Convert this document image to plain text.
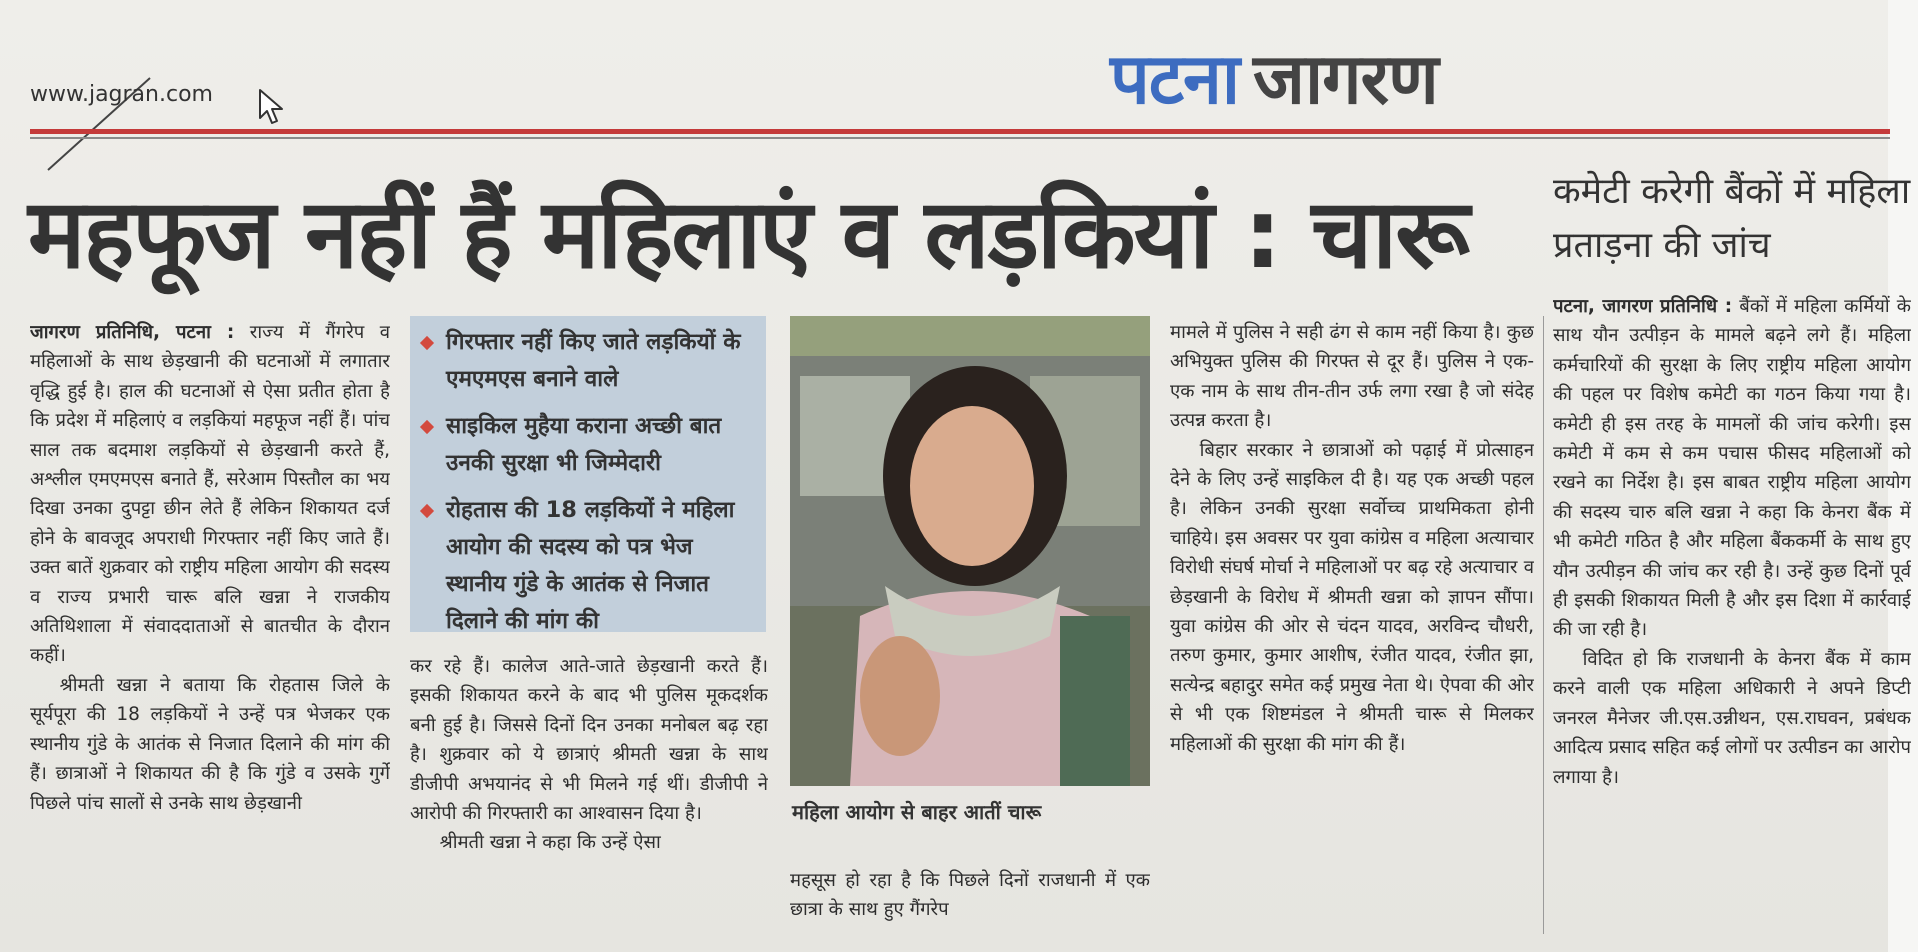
www.jagran.com	पटना जागरण
महफूज नहीं हैं महिलाएं व लड़कियां : चारू कमेटी करेगी बैंकों में महिला प्रताड़ना की जांच

जागरण प्रतिनिधि, पटना : राज्य में गैंगरेप व महिलाओं के साथ छेड़खानी की घटनाओं में लगातार वृद्धि हुई है। हाल की घटनाओं से ऐसा प्रतीत होता है कि प्रदेश में महिलाएं व लड़कियां महफूज नहीं हैं। पांच साल तक बदमाश लड़कियों से छेड़खानी करते हैं, अश्लील एमएमएस बनाते हैं, सरेआम पिस्तौल का भय दिखा उनका दुपट्टा छीन लेते हैं लेकिन शिकायत दर्ज होने के बावजूद अपराधी गिरफ्तार नहीं किए जाते हैं। उक्त बातें शुक्रवार को राष्ट्रीय महिला आयोग की सदस्य व राज्य प्रभारी चारू बलि खन्ना ने राजकीय अतिथिशाला में संवाददाताओं से बातचीत के दौरान कहीं।

श्रीमती खन्ना ने बताया कि रोहतास जिले के सूर्यपूरा की 18 लड़कियों ने उन्हें पत्र भेजकर एक स्थानीय गुंडे के आतंक से निजात दिलाने की मांग की हैं। छात्राओं ने शिकायत की है कि गुंडे व उसके गुर्गे पिछले पांच सालों से उनके साथ छेड़खानी

गिरफ्तार नहीं किए जाते लड़कियों के एमएमएस बनाने वाले
साइकिल मुहैया कराना अच्छी बात उनकी सुरक्षा भी जिम्मेदारी
रोहतास की 18 लड़कियों ने महिला आयोग की सदस्य को पत्र भेज स्थानीय गुंडे के आतंक से निजात दिलाने की मांग की

कर रहे हैं। कालेज आते-जाते छेड़खानी करते हैं। इसकी शिकायत करने के बाद भी पुलिस मूकदर्शक बनी हुई है। जिससे दिनों दिन उनका मनोबल बढ़ रहा है। शुक्रवार को ये छात्राएं श्रीमती खन्ना के साथ डीजीपी अभयानंद से भी मिलने गई थीं। डीजीपी ने आरोपी की गिरफ्तारी का आश्वासन दिया है।

श्रीमती खन्ना ने कहा कि उन्हें ऐसा

महिला आयोग से बाहर आतीं चारू

महसूस हो रहा है कि पिछले दिनों राजधानी में एक छात्रा के साथ हुए गैंगरेप

मामले में पुलिस ने सही ढंग से काम नहीं किया है। कुछ अभियुक्त पुलिस की गिरफ्त से दूर हैं। पुलिस ने एक-एक नाम के साथ तीन-तीन उर्फ लगा रखा है जो संदेह उत्पन्न करता है।

बिहार सरकार ने छात्राओं को पढ़ाई में प्रोत्साहन देने के लिए उन्हें साइकिल दी है। यह एक अच्छी पहल है। लेकिन उनकी सुरक्षा सर्वोच्च प्राथमिकता होनी चाहिये। इस अवसर पर युवा कांग्रेस व महिला अत्याचार विरोधी संघर्ष मोर्चा ने महिलाओं पर बढ़ रहे अत्याचार व छेड़खानी के विरोध में श्रीमती खन्ना को ज्ञापन सौंपा। युवा कांग्रेस की ओर से चंदन यादव, अरविन्द चौधरी, तरुण कुमार, कुमार आशीष, रंजीत यादव, रंजीत झा, सत्येन्द्र बहादुर समेत कई प्रमुख नेता थे। ऐपवा की ओर से भी एक शिष्टमंडल ने श्रीमती चारू से मिलकर महिलाओं की सुरक्षा की मांग की हैं।

पटना, जागरण प्रतिनिधि : बैंकों में महिला कर्मियों के साथ यौन उत्पीड़न के मामले बढ़ने लगे हैं। महिला कर्मचारियों की सुरक्षा के लिए राष्ट्रीय महिला आयोग की पहल पर विशेष कमेटी का गठन किया गया है। कमेटी ही इस तरह के मामलों की जांच करेगी। इस कमेटी में कम से कम पचास फीसद महिलाओं को रखने का निर्देश है। इस बाबत राष्ट्रीय महिला आयोग की सदस्य चारु बलि खन्ना ने कहा कि केनरा बैंक में भी कमेटी गठित है और महिला बैंककर्मी के साथ हुए यौन उत्पीड़न की जांच कर रही है। उन्हें कुछ दिनों पूर्व ही इसकी शिकायत मिली है और इस दिशा में कार्रवाई की जा रही है।

विदित हो कि राजधानी के केनरा बैंक में काम करने वाली एक महिला अधिकारी ने अपने डिप्टी जनरल मैनेजर जी.एस.उन्नीथन, एस.राघवन, प्रबंधक आदित्य प्रसाद सहित कई लोगों पर उत्पीडन का आरोप लगाया है।
